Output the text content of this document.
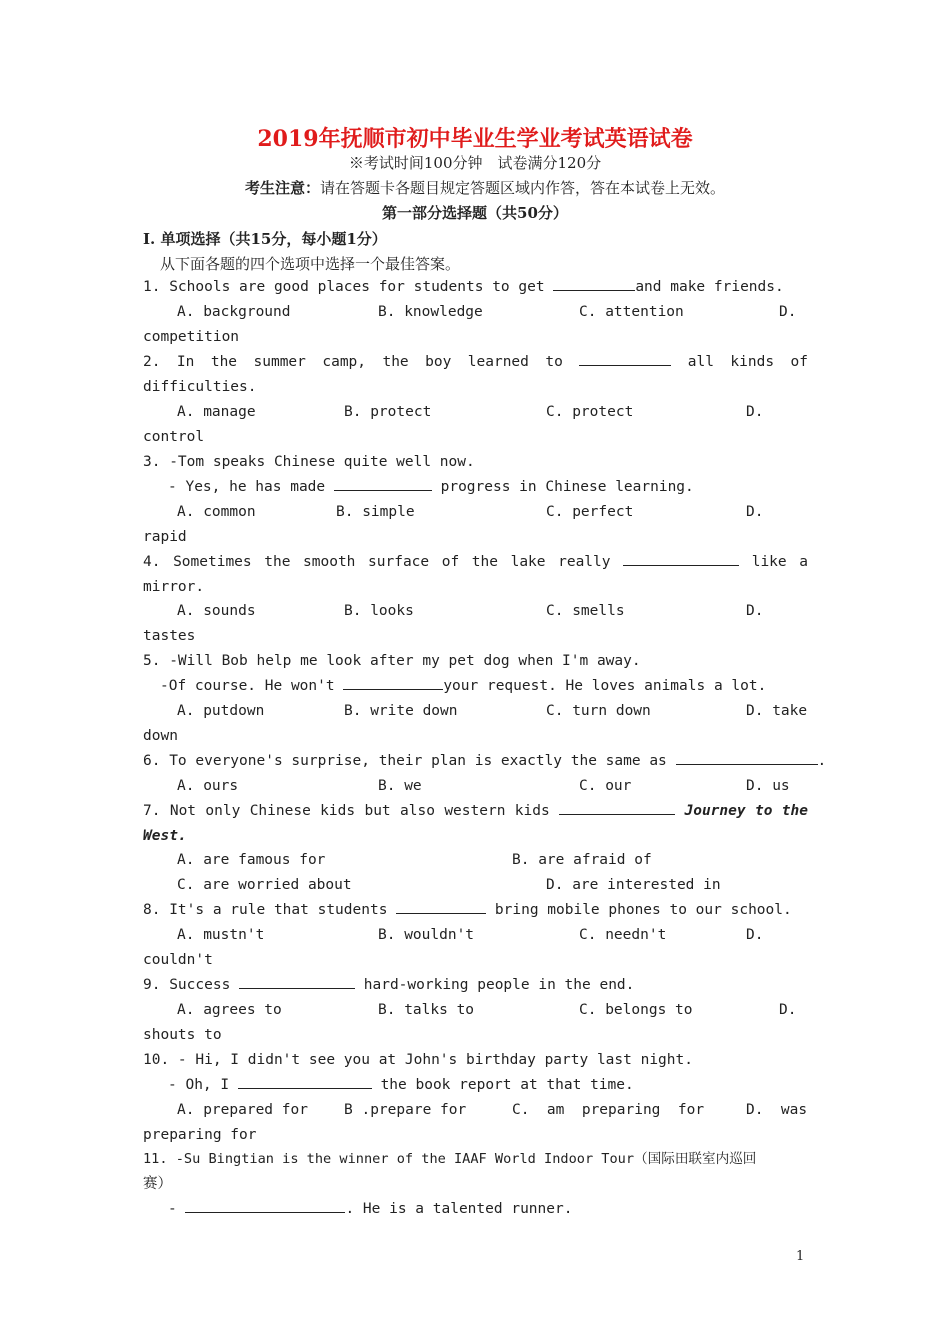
2019年抚顺市初中毕业生学业考试英语试卷
※考试时间100分钟　试卷满分120分
考生注意：请在答题卡各题目规定答题区域内作答，答在本试卷上无效。
第一部分选择题（共50分）
I. 单项选择（共15分，每小题1分）
从下面各题的四个选项中选择一个最佳答案。
1. Schools are good places for students to get	and make friends.
A. background	B. knowledge	C. attention	D.
competition
2. In the summer camp, the boy learned to	all kinds of
difficulties.
A. manage	B. protect	C. protect	D.
control
3. -Tom speaks Chinese quite well now.
- Yes, he has made	progress in Chinese learning.
A. common	B. simple	C. perfect	D.
rapid
4. Sometimes the smooth surface of the lake really	like a
mirror.
A. sounds	B. looks	C. smells	D.
tastes
5. -Will Bob help me look after my pet dog when I'm away.
-Of course. He won't	your request. He loves animals a lot.
A. putdown	B. write down	C. turn down	D. take
down
6. To everyone's surprise, their plan is exactly the same as	.
A. ours	B. we	C. our	D. us
7. Not only Chinese kids but also western kids	Journey to the
West.
A. are famous for	B. are afraid of
C. are worried about	D. are interested in
8. It's a rule that students	bring mobile phones to our school.
A. mustn't	B. wouldn't	C. needn't	D.
couldn't
9. Success	hard-working people in the end.
A. agrees to	B. talks to	C. belongs to	D.
shouts to
10. - Hi, I didn't see you at John's birthday party last night.
- Oh, I	the book report at that time.
A. prepared for B .prepare for	C.  am  preparing  for	D.  was
preparing for
11. -Su Bingtian is the winner of the IAAF World Indoor Tour（国际田联室内巡回
赛）
-	. He is a talented runner.
1
